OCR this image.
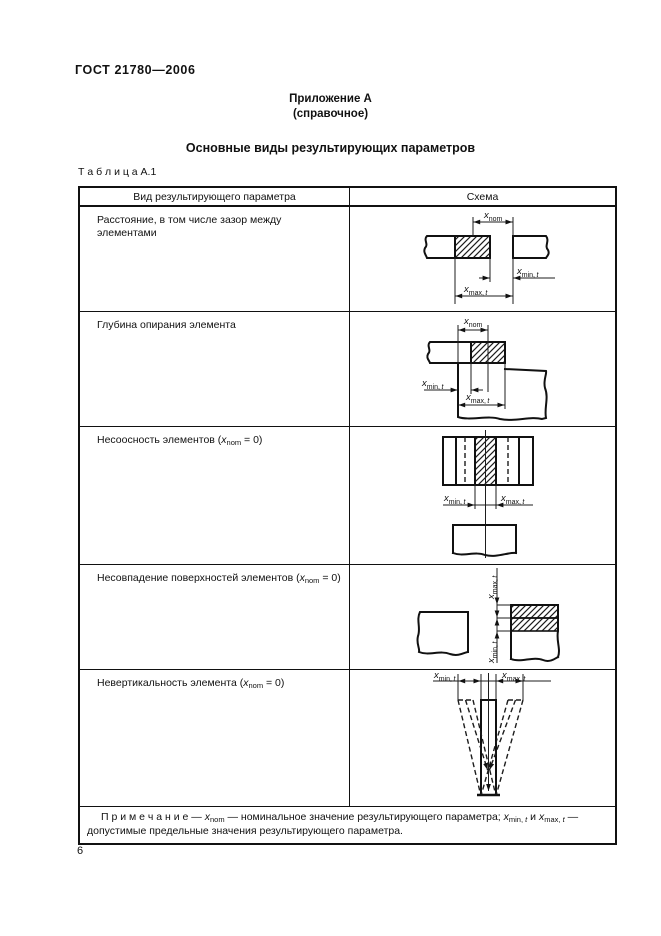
ГОСТ 21780—2006
Приложение А
(справочное)
Основные виды результирующих параметров
Т а б л и ц а А.1
Вид результирующего параметра	Схема

Расстояние, в том числе зазор между элементами	$x_{nom}$
$x_{min,}$ t
$x_{max,}$ t

Глубина опирания элемента	$x_{nom}$
$x_{min,}$ t
$x_{max,}$ t

Несоосность элементов $(x_{nom} = 0)$	$x_{min,}$ t $x_{max,}$ t

Несовпадение поверхностей элементов $(x_{nom} = 0)$	$x_{max,}t$
$x_{min,}t$

Невертикальность элемента $(x_{nom} = 0)$	$x_{min,}$ t $x_{max,}$ t

П р и м е ч а н и е — $x_{nom}$ — номинальное значение результирующего параметра; $x_{min, t}$ и $x_{max, t}$ — допустимые предельные значения результирующего параметра.	

6
